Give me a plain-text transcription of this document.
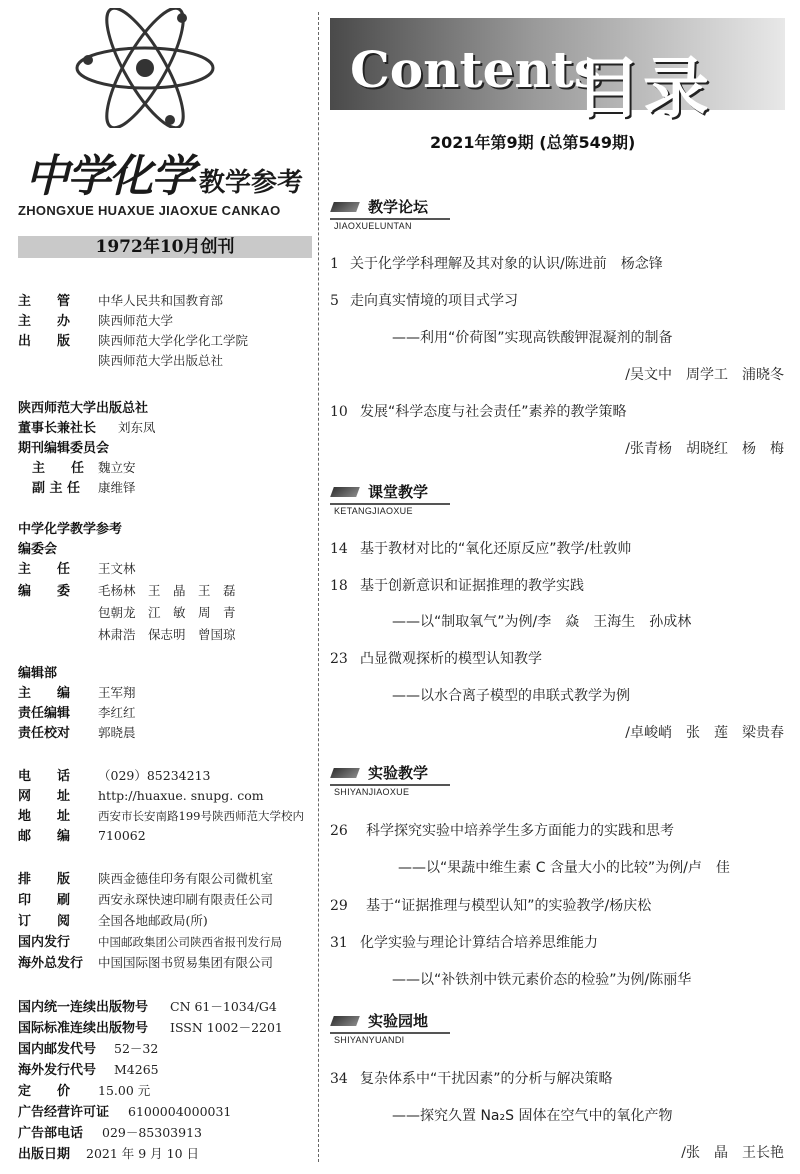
中学化学 教学参考
ZHONGXUE HUAXUE JIAOXUE CANKAO
1972年10月创刊
主　　管 中华人民共和国教育部
主　　办 陕西师范大学
出　　版 陕西师范大学化学化工学院
陕西师范大学出版总社
陕西师范大学出版总社
董事长兼社长 刘东凤
期刊编辑委员会
主　　任 魏立安
副 主 任 康维铎
中学化学教学参考
编委会
主　　任 王文林
编　　委 毛杨林　王　晶　王　磊
包朝龙　江　敏　周　青
林肃浩　保志明　曾国琼
编辑部
主　　编 王军翔
责任编辑 李红红
责任校对 郭晓晨
电　　话 （029）85234213
网　　址 http://huaxue. snupg. com
地　　址 西安市长安南路199号陕西师范大学校内
邮　　编 710062
排　　版 陕西金德佳印务有限公司微机室
印　　刷 西安永琛快速印刷有限责任公司
订　　阅 全国各地邮政局(所)
国内发行 中国邮政集团公司陕西省报刊发行局
海外总发行 中国国际图书贸易集团有限公司
国内统一连续出版物号 CN 61－1034/G4
国际标准连续出版物号 ISSN 1002－2201
国内邮发代号 52－32
海外发行代号 M4265
定　　价 15.00 元
广告经营许可证 6100004000031
广告部电话 029－85303913
出版日期 2021 年 9 月 10 日
Contents
目录
2021年第9期 (总第549期)
教学论坛
JIAOXUELUNTAN
1 关于化学学科理解及其对象的认识/陈进前　杨念锋
5 走向真实情境的项目式学习
——利用“价荷图”实现高铁酸钾混凝剂的制备
/吴文中　周学工　浦晓冬
10 发展“科学态度与社会责任”素养的教学策略
/张青杨　胡晓红　杨　梅
课堂教学
KETANGJIAOXUE
14 基于教材对比的“氧化还原反应”教学/杜敦帅
18 基于创新意识和证据推理的教学实践
——以“制取氧气”为例/李　焱　王海生　孙成林
23 凸显微观探析的模型认知教学
——以水合离子模型的串联式教学为例
/卓峻峭　张　莲　梁贵春
实验教学
SHIYANJIAOXUE
26 科学探究实验中培养学生多方面能力的实践和思考
——以“果蔬中维生素 C 含量大小的比较”为例/卢　佳
29 基于“证据推理与模型认知”的实验教学/杨庆松
31 化学实验与理论计算结合培养思维能力
——以“补铁剂中铁元素价态的检验”为例/陈丽华
实验园地
SHIYANYUANDI
34 复杂体系中“干扰因素”的分析与解决策略
——探究久置 Na₂S 固体在空气中的氧化产物
/张　晶　王长艳
